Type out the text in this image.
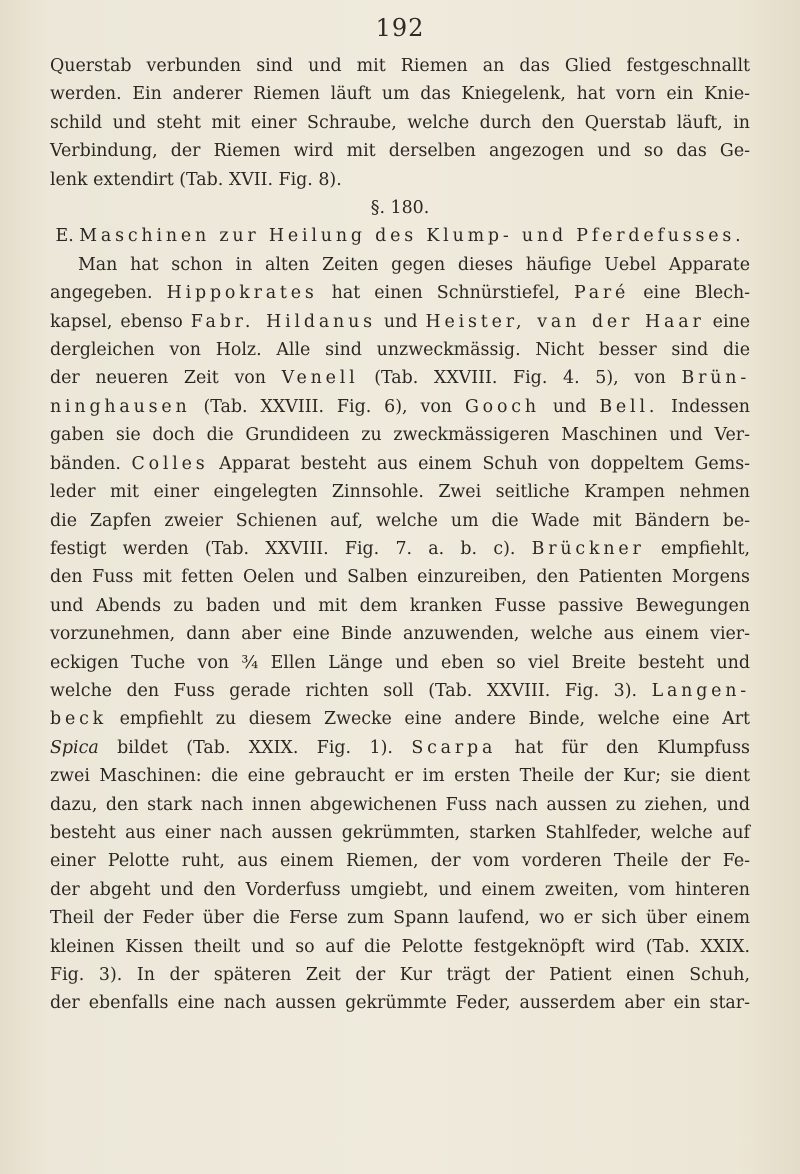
192
Querstab verbunden sind und mit Riemen an das Glied festgeschnallt
werden. Ein anderer Riemen läuft um das Kniegelenk, hat vorn ein Knie-
schild und steht mit einer Schraube, welche durch den Querstab läuft, in
Verbindung, der Riemen wird mit derselben angezogen und so das Ge-
lenk extendirt (Tab. XVII. Fig. 8).
§. 180.
E. Maschinen zur Heilung des Klump- und Pferdefusses.
Man hat schon in alten Zeiten gegen dieses häufige Uebel Apparate
angegeben. Hippokrates hat einen Schnürstiefel, Paré eine Blech-
kapsel, ebenso Fabr. Hildanus und Heister, van der Haar eine
dergleichen von Holz. Alle sind unzweckmässig. Nicht besser sind die
der neueren Zeit von Venell (Tab. XXVIII. Fig. 4. 5), von Brün-
ninghausen (Tab. XXVIII. Fig. 6), von Gooch und Bell. Indessen
gaben sie doch die Grundideen zu zweckmässigeren Maschinen und Ver-
bänden. Colles Apparat besteht aus einem Schuh von doppeltem Gems-
leder mit einer eingelegten Zinnsohle. Zwei seitliche Krampen nehmen
die Zapfen zweier Schienen auf, welche um die Wade mit Bändern be-
festigt werden (Tab. XXVIII. Fig. 7. a. b. c). Brückner empfiehlt,
den Fuss mit fetten Oelen und Salben einzureiben, den Patienten Morgens
und Abends zu baden und mit dem kranken Fusse passive Bewegungen
vorzunehmen, dann aber eine Binde anzuwenden, welche aus einem vier-
eckigen Tuche von ¾ Ellen Länge und eben so viel Breite besteht und
welche den Fuss gerade richten soll (Tab. XXVIII. Fig. 3). Langen-
beck empfiehlt zu diesem Zwecke eine andere Binde, welche eine Art
Spica bildet (Tab. XXIX. Fig. 1). Scarpa hat für den Klumpfuss
zwei Maschinen: die eine gebraucht er im ersten Theile der Kur; sie dient
dazu, den stark nach innen abgewichenen Fuss nach aussen zu ziehen, und
besteht aus einer nach aussen gekrümmten, starken Stahlfeder, welche auf
einer Pelotte ruht, aus einem Riemen, der vom vorderen Theile der Fe-
der abgeht und den Vorderfuss umgiebt, und einem zweiten, vom hinteren
Theil der Feder über die Ferse zum Spann laufend, wo er sich über einem
kleinen Kissen theilt und so auf die Pelotte festgeknöpft wird (Tab. XXIX.
Fig. 3). In der späteren Zeit der Kur trägt der Patient einen Schuh,
der ebenfalls eine nach aussen gekrümmte Feder, ausserdem aber ein star-
